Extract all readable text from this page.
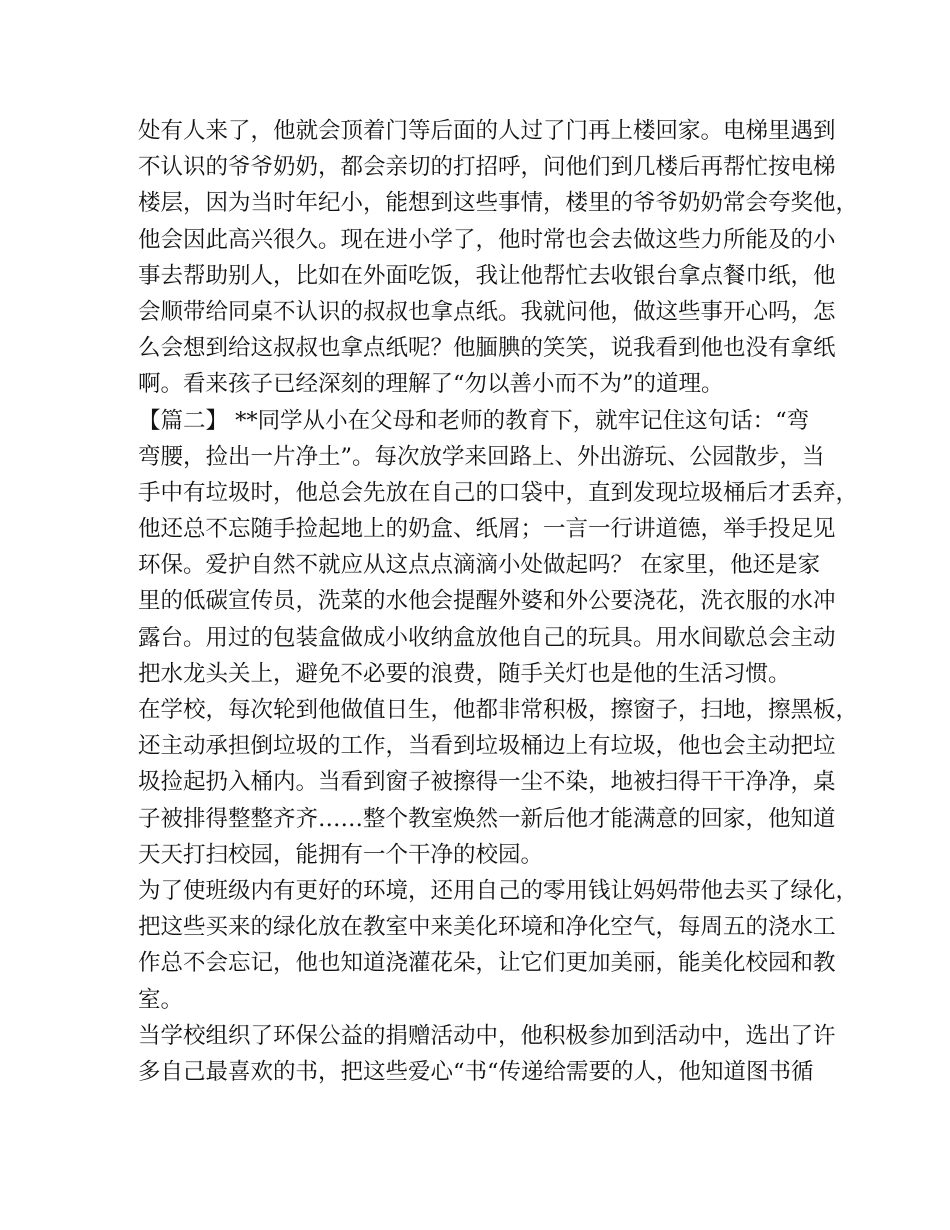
处有人来了，他就会顶着门等后面的人过了门再上楼回家。电梯里遇到
不认识的爷爷奶奶，都会亲切的打招呼，问他们到几楼后再帮忙按电梯
楼层，因为当时年纪小，能想到这些事情，楼里的爷爷奶奶常会夸奖他，
他会因此高兴很久。现在进小学了，他时常也会去做这些力所能及的小
事去帮助别人，比如在外面吃饭，我让他帮忙去收银台拿点餐巾纸，他
会顺带给同桌不认识的叔叔也拿点纸。我就问他，做这些事开心吗，怎
么会想到给这叔叔也拿点纸呢？他腼腆的笑笑，说我看到他也没有拿纸
啊。看来孩子已经深刻的理解了“勿以善小而不为”的道理。
【篇二】 **同学从小在父母和老师的教育下，就牢记住这句话：“弯
弯腰，捡出一片净土”。每次放学来回路上、外出游玩、公园散步，当
手中有垃圾时，他总会先放在自己的口袋中，直到发现垃圾桶后才丢弃，
他还总不忘随手捡起地上的奶盒、纸屑；一言一行讲道德，举手投足见
环保。爱护自然不就应从这点点滴滴小处做起吗？ 在家里，他还是家
里的低碳宣传员，洗菜的水他会提醒外婆和外公要浇花，洗衣服的水冲
露台。用过的包装盒做成小收纳盒放他自己的玩具。用水间歇总会主动
把水龙头关上，避免不必要的浪费，随手关灯也是他的生活习惯。
在学校，每次轮到他做值日生，他都非常积极，擦窗子，扫地，擦黑板，
还主动承担倒垃圾的工作，当看到垃圾桶边上有垃圾，他也会主动把垃
圾捡起扔入桶内。当看到窗子被擦得一尘不染，地被扫得干干净净，桌
子被排得整整齐齐……整个教室焕然一新后他才能满意的回家，他知道
天天打扫校园，能拥有一个干净的校园。
为了使班级内有更好的环境，还用自己的零用钱让妈妈带他去买了绿化，
把这些买来的绿化放在教室中来美化环境和净化空气，每周五的浇水工
作总不会忘记，他也知道浇灌花朵，让它们更加美丽，能美化校园和教
室。
当学校组织了环保公益的捐赠活动中，他积极参加到活动中，选出了许
多自己最喜欢的书，把这些爱心“书“传递给需要的人，他知道图书循
